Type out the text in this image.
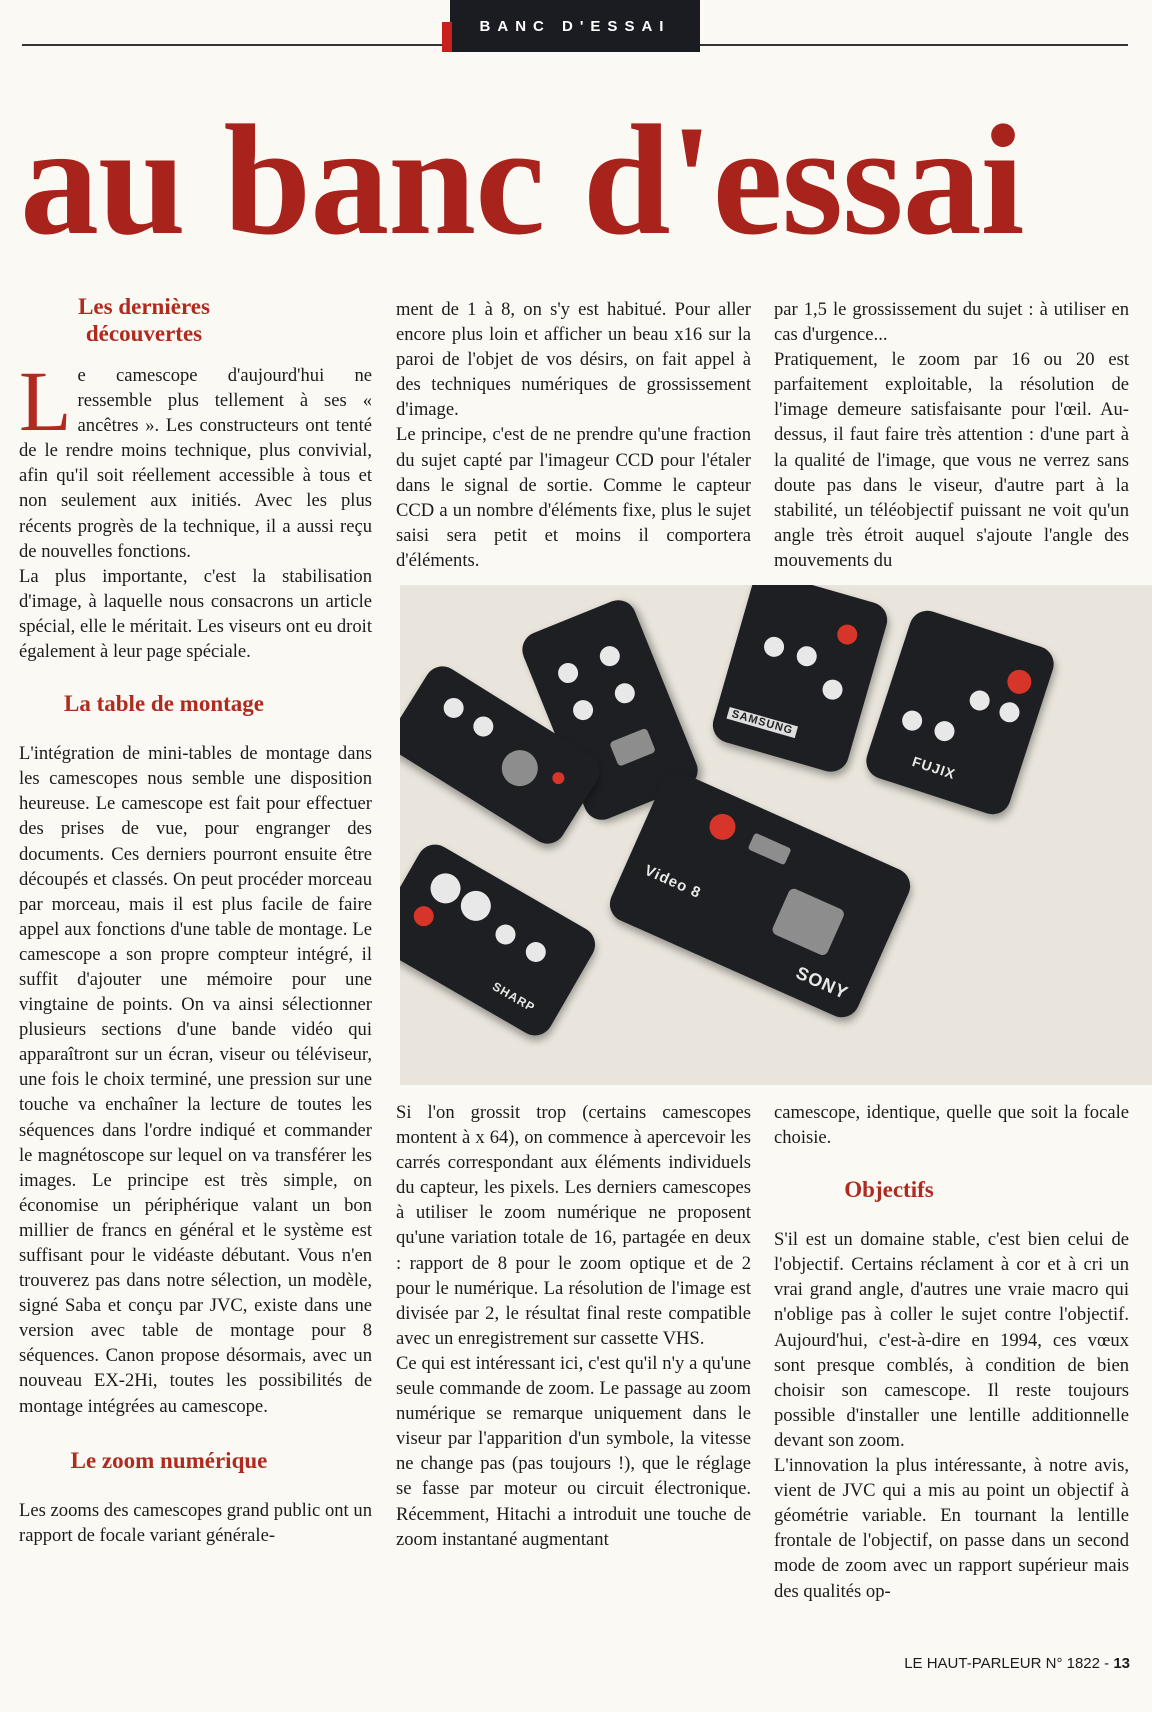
BANC D'ESSAI
au banc d'essai
Les dernières découvertes

Le camescope d'aujourd'hui ne ressemble plus tellement à ses « ancêtres ». Les constructeurs ont tenté de le rendre moins technique, plus convivial, afin qu'il soit réellement accessible à tous et non seulement aux initiés. Avec les plus récents progrès de la technique, il a aussi reçu de nouvelles fonctions.

La plus importante, c'est la stabilisation d'image, à laquelle nous consacrons un article spécial, elle le méritait. Les viseurs ont eu droit également à leur page spéciale.

La table de montage

L'intégration de mini-tables de montage dans les camescopes nous semble une disposition heureuse. Le camescope est fait pour effectuer des prises de vue, pour engranger des documents. Ces derniers pourront ensuite être découpés et classés. On peut procéder morceau par morceau, mais il est plus facile de faire appel aux fonctions d'une table de montage. Le camescope a son propre compteur intégré, il suffit d'ajouter une mémoire pour une vingtaine de points. On va ainsi sélectionner plusieurs sections d'une bande vidéo qui apparaîtront sur un écran, viseur ou téléviseur, une fois le choix terminé, une pression sur une touche va enchaîner la lecture de toutes les séquences dans l'ordre indiqué et commander le magnétoscope sur lequel on va transférer les images. Le principe est très simple, on économise un périphérique valant un bon millier de francs en général et le système est suffisant pour le vidéaste débutant. Vous n'en trouverez pas dans notre sélection, un modèle, signé Saba et conçu par JVC, existe dans une version avec table de montage pour 8 séquences. Canon propose désormais, avec un nouveau EX-2Hi, toutes les possibilités de montage intégrées au camescope.

Le zoom numérique

Les zooms des camescopes grand public ont un rapport de focale variant générale-

ment de 1 à 8, on s'y est habitué. Pour aller encore plus loin et afficher un beau x16 sur la paroi de l'objet de vos désirs, on fait appel à des techniques numériques de grossissement d'image.

Le principe, c'est de ne prendre qu'une fraction du sujet capté par l'imageur CCD pour l'étaler dans le signal de sortie. Comme le capteur CCD a un nombre d'éléments fixe, plus le sujet saisi sera petit et moins il comportera d'éléments.

Si l'on grossit trop (certains camescopes montent à x 64), on commence à apercevoir les carrés correspondant aux éléments individuels du capteur, les pixels. Les derniers camescopes à utiliser le zoom numérique ne proposent qu'une variation totale de 16, partagée en deux : rapport de 8 pour le zoom optique et de 2 pour le numérique. La résolution de l'image est divisée par 2, le résultat final reste compatible avec un enregistrement sur cassette VHS.

Ce qui est intéressant ici, c'est qu'il n'y a qu'une seule commande de zoom. Le passage au zoom numérique se remarque uniquement dans le viseur par l'apparition d'un symbole, la vitesse ne change pas (pas toujours !), que le réglage se fasse par moteur ou circuit électronique. Récemment, Hitachi a introduit une touche de zoom instantané augmentant

par 1,5 le grossissement du sujet : à utiliser en cas d'urgence...

Pratiquement, le zoom par 16 ou 20 est parfaitement exploitable, la résolution de l'image demeure satisfaisante pour l'œil. Au-dessus, il faut faire très attention : d'une part à la qualité de l'image, que vous ne verrez sans doute pas dans le viseur, d'autre part à la stabilité, un téléobjectif puissant ne voit qu'un angle très étroit auquel s'ajoute l'angle des mouvements du

camescope, identique, quelle que soit la focale choisie.

Objectifs

S'il est un domaine stable, c'est bien celui de l'objectif. Certains réclament à cor et à cri un vrai grand angle, d'autres une vraie macro qui n'oblige pas à coller le sujet contre l'objectif. Aujourd'hui, c'est-à-dire en 1994, ces vœux sont presque comblés, à condition de bien choisir son camescope. Il reste toujours possible d'installer une lentille additionnelle devant son zoom.

L'innovation la plus intéressante, à notre avis, vient de JVC qui a mis au point un objectif à géométrie variable. En tournant la lentille frontale de l'objectif, on passe dans un second mode de zoom avec un rapport supérieur mais des qualités op-

SAMSUNG
FUJIX
Video 8
SONY
SHARP
LE HAUT-PARLEUR N° 1822 - 13
